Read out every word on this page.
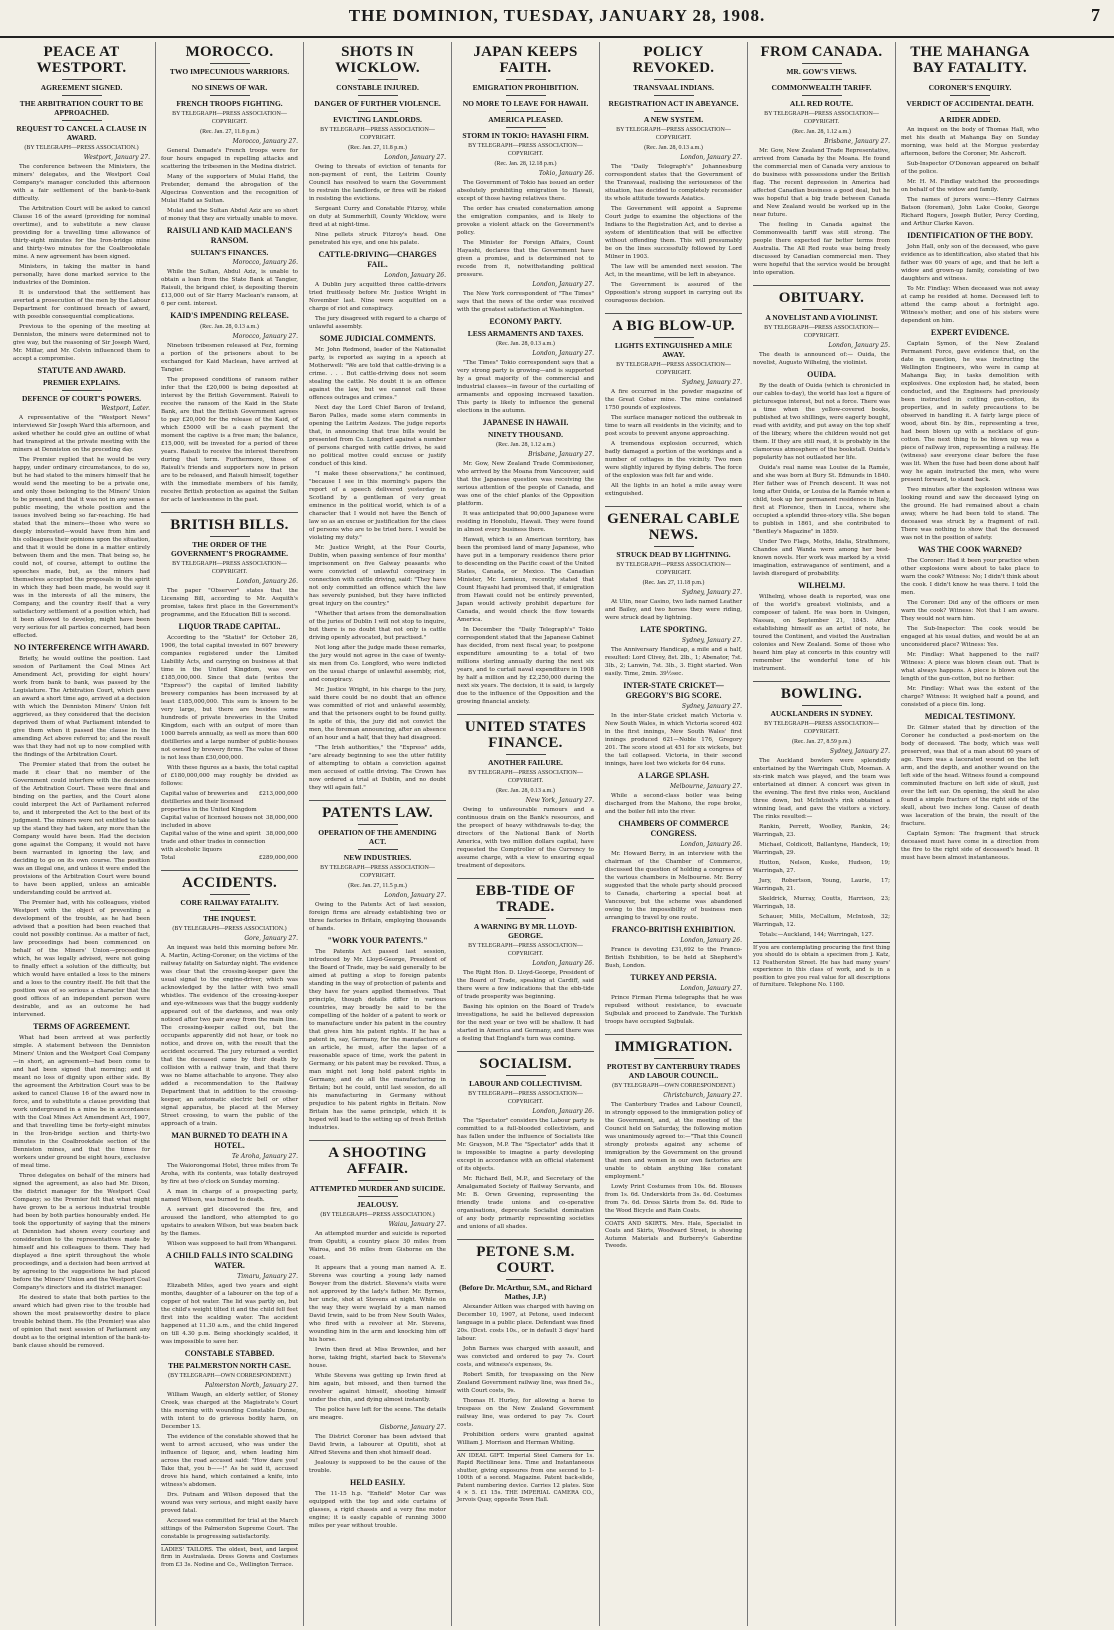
THE DOMINION, TUESDAY, JANUARY 28, 1908.	7
PEACE AT WESTPORT.
AGREEMENT SIGNED.
THE ARBITRATION COURT TO BE APPROACHED.
REQUEST TO CANCEL A CLAUSE IN AWARD.
(BY TELEGRAPH—PRESS ASSOCIATION.)
Westport, January 27.

The conference between the Ministers, the miners' delegates, and the Westport Coal Company's manager concluded this afternoon with a fair settlement of the bank-to-bank difficulty.

The Arbitration Court will be asked to cancel Clause 16 of the award (providing for nominal overtime), and to substitute a new clause providing for a travelling time allowance of thirty-eight minutes for the Iron-bridge mine and thirty-two minutes for the Coalbrookdale mine. A new agreement has been signed.

Ministers, in taking the matter in hand personally, have done marked service to the industries of the Dominion.

It is understood that the settlement has averted a prosecution of the men by the Labour Department for continued breach of award, with possible consequential complications.

Previous to the opening of the meeting at Denniston, the miners were determined not to give way, but the reasoning of Sir Joseph Ward, Mr. Millar, and Mr. Colvin influenced them to accept a compromise.

STATUTE AND AWARD.
PREMIER EXPLAINS.
DEFENCE OF COURT'S POWERS.
Westport, Later.

A representative of the "Westport News" interviewed Sir Joseph Ward this afternoon, and asked whether he could give an outline of what had transpired at the private meeting with the miners at Denniston on the preceding day.

The Premier replied that he would be very happy, under ordinary circumstances, to do so, but he had stated to the miners himself that he would send the meeting to be a private one, and only those belonging to the Miners' Union to be present, and that it was not in any sense a public meeting, the whole position and the issues involved being so far-reaching. He had stated that the miners—those who were so deeply interested—would have from him and his colleagues their opinions upon the situation, and that it would be done in a matter entirely between them and the men. That being so, he could not, of course, attempt to outline the speeches made, but, as the miners had themselves accepted the proposals in the spirit in which they had been made, he would say it was in the interests of all the miners, the Company, and the country itself that a very satisfactory settlement of a position which, had it been allowed to develop, might have been very serious for all parties concerned, had been effected.

NO INTERFERENCE WITH AWARD.

Briefly, he would outline the position. Last session of Parliament the Coal Mines Act Amendment Act, providing for eight hours' work from bank to bank, was passed by the Legislature. The Arbitration Court, which gave an award a short time ago, arrived at a decision with which the Denniston Miners' Union felt aggrieved, as they considered that the decision deprived them of what Parliament intended to give them when it passed the clause in the amending Act above referred to; and the result was that they had not up to now complied with the findings of the Arbitration Court.

The Premier stated that from the outset he made it clear that no member of the Government could interfere with the decisions of the Arbitration Court. These were final and binding on the parties, and the Court alone could interpret the Act of Parliament referred to, and it interpreted the Act to the best of its judgment. The miners were not entitled to take up the stand they had taken, any more than the Company would have been. Had the decision gone against the Company, it would not have been warranted in ignoring the law, and deciding to go on its own course. The position was an illegal one, and unless it were ended the provisions of the Arbitration Court were bound to have been applied, unless an amicable understanding could be arrived at.

The Premier had, with his colleagues, visited Westport with the object of preventing a development of the trouble, as he had been advised that a position had been reached that could not possibly continue. As a matter of fact, law proceedings had been commenced on behalf of the Miners' Union—proceedings which, he was legally advised, were not going to finally effect a solution of the difficulty, but which would have entailed a loss to the miners and a loss to the country itself. He felt that the position was of so serious a character that the good offices of an independent person were desirable, and as an outcome he had intervened.

TERMS OF AGREEMENT.

What had been arrived at was perfectly simple. A statement between the Denniston Miners' Union and the Westport Coal Company—in short, an agreement—had been come to and had been signed that morning; and it meant no loss of dignity upon either side. By the agreement the Arbitration Court was to be asked to cancel Clause 16 of the award now in force, and to substitute a clause providing that work underground in a mine be in accordance with the Coal Mines Act Amendment Act, 1907, and that travelling time be forty-eight minutes in the Iron-bridge section and thirty-two minutes in the Coalbrookdale section of the Denniston mines, and that the times for workers under ground be eight hours, exclusive of meal time.

Three delegates on behalf of the miners had signed the agreement, as also had Mr. Dixon, the district manager for the Westport Coal Company; so the Premier felt that what might have grown to be a serious industrial trouble had been by both parties honourably ended. He took the opportunity of saying that the miners at Denniston had shown every courtesy and consideration to the representatives made by himself and his colleagues to them. They had displayed a fine spirit throughout the whole proceedings, and a decision had been arrived at by agreeing to the suggestions he had placed before the Miners' Union and the Westport Coal Company's directors and its district manager.

He desired to state that both parties to the award which had given rise to the trouble had shown the most praiseworthy desire to place trouble behind them. He (the Premier) was also of opinion that next session of Parliament any doubt as to the original intention of the bank-to-bank clause should be removed.

MOROCCO.
TWO IMPECUNIOUS WARRIORS.
NO SINEWS OF WAR.
FRENCH TROOPS FIGHTING.
BY TELEGRAPH—PRESS ASSOCIATION—COPYRIGHT.
(Rec. Jan. 27, 11.8 p.m.)
Morocco, January 27.

General Damade's French troops were for four hours engaged in repelling attacks and scattering the tribesmen in the Medina district.

Many of the supporters of Mulai Hafid, the Pretender, demand the abrogation of the Algeciras Convention and the recognition of Mulai Hafid as Sultan.

Mulai and the Sultan Abdul Aziz are so short of money that they are virtually unable to move.

RAISULI AND KAID MACLEAN'S RANSOM.
SULTAN'S FINANCES.
Morocco, January 26.

While the Sultan, Abdul Aziz, is unable to obtain a loan from the State Bank at Tangier, Raisuli, the brigand chief, is depositing therein £13,000 out of Sir Harry Maclean's ransom, at 6 per cent. interest.

KAID'S IMPENDING RELEASE.
(Rec. Jan. 28, 0.13 a.m.)
Morocco, January 27.

Nineteen tribesmen released at Fez, forming a portion of the prisoners about to be exchanged for Kaid Maclean, have arrived at Tangier.

The proposed conditions of ransom rather infer that the £20,000 is being deposited at interest by the British Government. Raisuli to receive the ransom of the Kaid in the State Bank, are that the British Government agrees to pay £20,000 for the release of the Kaid, of which £5000 will be a cash payment the moment the captive is a free man; the balance, £15,000, will be invested for a period of three years. Raisuli to receive the interest therefrom during that term. Furthermore, those of Raisuli's friends and supporters now in prison are to be released, and Raisuli himself, together with the immediate members of his family, receive British protection as against the Sultan for acts of lawlessness in the past.

BRITISH BILLS.
THE ORDER OF THE GOVERNMENT'S PROGRAMME.
BY TELEGRAPH—PRESS ASSOCIATION—COPYRIGHT.
London, January 26.

The paper "Observer" states that the Licensing Bill, according to Mr. Asquith's promise, takes first place in the Government's programme, and the Education Bill is second.

LIQUOR TRADE CAPITAL.

According to the "Statist" for October 26, 1906, the total capital invested in 607 brewery companies registered under the Limited Liability Acts, and carrying on business at that time in the United Kingdom, was over £185,000,000. Since that date (writes the "Express") the capital of limited liability brewery companies has been increased by at least £185,000,000. This sum is known to be very large, but there are besides some hundreds of private breweries in the United Kingdom, each with an output of more than 1000 barrels annually, as well as more than 600 distilleries and a large number of public-houses not owned by brewery firms. The value of these is not less than £30,000,000.

With these figures as a basis, the total capital of £180,000,000 may roughly be divided as follows:

Capital value of breweries and distilleries and their licensed properties in the United Kingdom
£213,000,000
Capital value of licensed houses not included in above
38,000,000
Capital value of the wine and spirit trade and other trades in connection with alcoholic liquors
38,000,000
Total	£289,000,000
ACCIDENTS.
CORE RAILWAY FATALITY.
THE INQUEST.
(BY TELEGRAPH—PRESS ASSOCIATION.)
Gore, January 27.

An inquest was held this morning before Mr. A. Martin, Acting-Coroner, on the victims of the railway fatality on Saturday night. The evidence was clear that the crossing-keeper gave the usual signal to the engine-driver, which was acknowledged by the latter with two small whistles. The evidence of the crossing-keeper and eye-witnesses was that the buggy suddenly appeared out of the darkness, and was only noticed after two pair away from the main line. The crossing-keeper called out, but the occupants apparently did not hear, or took no notice, and drove on, with the result that the accident occurred. The jury returned a verdict that the deceased came by their death by collision with a railway train, and that there was no blame attachable to anyone. They also added a recommendation to the Railway Department that in addition to the crossing-keeper, an automatic electric bell or other signal apparatus, be placed at the Mersey Street crossing, to warn the public of the approach of a train.

MAN BURNED TO DEATH IN A HOTEL.
Te Aroha, January 27.

The Waiorongomai Hotel, three miles from Te Aroha, with its contents, was totally destroyed by fire at two o'clock on Sunday morning.

A man in charge of a prospecting party, named Wilson, was burned to death.

A servant girl discovered the fire, and aroused the landlord, who attempted to go upstairs to awaken Wilson, but was beaten back by the flames.

Wilson was supposed to hail from Whangarei.

A CHILD FALLS INTO SCALDING WATER.
Timaru, January 27.

Elizabeth Miles, aged two years and eight months, daughter of a labourer on the top of a copper of hot water. The lid was partly on, but the child's weight tilted it and the child fell feet first into the scalding water. The accident happened at 11.30 a.m., and the child lingered on till 4.30 p.m. Being shockingly scalded, it was impossible to save her.

CONSTABLE STABBED.
THE PALMERSTON NORTH CASE.
(BY TELEGRAPH—OWN CORRESPONDENT.)
Palmerston North, January 27.

William Waugh, an elderly settler, of Stoney Creek, was charged at the Magistrate's Court this morning with wounding Constable Dunne, with intent to do grievous bodily harm, on December 13.

The evidence of the constable showed that he went to arrest accused, who was under the influence of liquor, and, when leading him across the road accused said: "How dare you! Take that, you b——!" As he said it, accused drove his hand, which contained a knife, into witness's abdomen.

Drs. Putnam and Wilson deposed that the wound was very serious, and might easily have proved fatal.

Accused was committed for trial at the March sittings of the Palmerston Supreme Court. The constable is progressing satisfactorily.

LADIES' TAILORS. The oldest, best, and largest firm in Australasia. Dress Gowns and Costumes from £3 3s. Nodine and Co., Wellington Terrace.
SHOTS IN WICKLOW.
CONSTABLE INJURED.
DANGER OF FURTHER VIOLENCE.
EVICTING LANDLORDS.
BY TELEGRAPH—PRESS ASSOCIATION—COPYRIGHT.
(Rec. Jan. 27, 11.8 p.m.)
London, January 27.

Owing to threats of eviction of tenants for non-payment of rent, the Leitrim County Council has resolved to warn the Government to restrain the landlords, or fires will be risked in resisting the evictions.

Sergeant Curry and Constable Fitzroy, while on duty at Summerhill, County Wicklow, were fired at at night-time.

Nine pellets struck Fitzroy's head. One penetrated his eye, and one his palate.

CATTLE-DRIVING—CHARGES FAIL.
London, January 26.

A Dublin jury acquitted three cattle-drivers tried fruitlessly before Mr. Justice Wright in November last. Nine were acquitted on a charge of riot and conspiracy.

The jury disagreed with regard to a charge of unlawful assembly.

SOME JUDICIAL COMMENTS.

Mr. John Redmond, leader of the Nationalist party, is reported as saying in a speech at Motherwell: "We are told that cattle-driving is a crime. . . . But cattle-driving does not seem stealing the cattle. No doubt it is an offence against the law, but we cannot call these offences outrages and crimes."

Next day the Lord Chief Baron of Ireland, Baron Palles, made some stern comments in opening the Leitrim Assizes. The judge reports that, in announcing that true bills would be presented from Co. Longford against a number of persons charged with cattle drives, he said no political motive could excuse or justify conduct of this kind.

"I make these observations," he continued, "because I see in this morning's papers the report of a speech delivered yesterday in Scotland by a gentleman of very great eminence in the political world, which is of a character that I would not have the Bench of law so as an excuse or justification for the class of persons who are to be tried here. I would be violating my duty."

Mr. Justice Wright, at the Four Courts, Dublin, when passing sentence of four months' imprisonment on five Galway peasants who were convicted of unlawful conspiracy in connection with cattle driving, said: "They have not only committed an offence which the law has severely punished, but they have inflicted great injury on the country."

"Whether that arises from the demoralisation of the juries of Dublin I will not stop to inquire, but there is no doubt that not only is cattle driving openly advocated, but practised."

Not long after the judge made these remarks, the jury would not agree in the case of twenty-six men from Co. Longford, who were indicted on the usual charge of unlawful assembly, riot, and conspiracy.

Mr. Justice Wright, in his charge to the jury, said there could be no doubt that an offence was committed of riot and unlawful assembly, and that the prisoners ought to be found guilty. In spite of this, the jury did not convict the men, the foreman announcing, after an absence of an hour and a half, that they had disagreed.

"The Irish authorities," the "Express" adds, "are already beginning to see the utter futility of attempting to obtain a conviction against men accused of cattle driving. The Crown has now ordered a trial at Dublin, and no doubt they will again fail."

PATENTS LAW.
OPERATION OF THE AMENDING ACT.
NEW INDUSTRIES.
BY TELEGRAPH—PRESS ASSOCIATION—COPYRIGHT.
(Rec. Jan. 27, 11.5 p.m.)
London, January 27.

Owing to the Patents Act of last session, foreign firms are already establishing two or three factories in Britain, employing thousands of hands.

"WORK YOUR PATENTS."

The Patents Act passed last session, introduced by Mr. Lloyd-George, President of the Board of Trade, may be said generally to be aimed at putting a stop to foreign patents standing in the way of protection of patents and they have for years applied themselves. That principle, though details differ in various countries, may broadly be said to be the compelling of the holder of a patent to work or to manufacture under his patent in the country that gives him his patent rights. If he has a patent in, say, Germany, for the manufacture of an article, he must, after the lapse of a reasonable space of time, work the patent in Germany, or his patent may be revoked. Thus, a man might not long hold patent rights in Germany, and do all the manufacturing in Britain; but he could, until last session, do all his manufacturing in Germany without prejudice to his patent rights in Britain. Now Britain has the same principle, which it is hoped will lead to the setting up of fresh British industries.

A SHOOTING AFFAIR.
ATTEMPTED MURDER AND SUICIDE.
JEALOUSY.
(BY TELEGRAPH—PRESS ASSOCIATION.)
Waiau, January 27.

An attempted murder and suicide is reported from Oputiti, a country place 30 miles from Wairoa, and 56 miles from Gisborne on the coast.

It appears that a young man named A. E. Stevens was courting a young lady named Bowyer from the district. Stevens's visits were not approved by the lady's father. Mr. Byrnes, her uncle, shot at Stevens at night. While on the way they were waylaid by a man named David Irwin, said to be from New South Wales, who fired with a revolver at Mr. Stevens, wounding him in the arm and knocking him off his horse.

Irwin then fired at Miss Brownlee, and her horse, taking fright, started back to Stevens's house.

While Stevens was getting up Irwin fired at him again, but missed, and then turned the revolver against himself, shooting himself under the chin, and dying almost instantly.

The police have left for the scene. The details are meagre.

Gisborne, January 27.

The District Coroner has been advised that David Irwin, a labourer at Oputiti, shot at Alfred Stevens and then shot himself dead.

Jealousy is supposed to be the cause of the trouble.

HELD EASILY.

The 11-15 h.p. "Enfield" Motor Car was equipped with the top and side curtains of glasses, a rigid chassis and a very fine motor engine; it is easily capable of running 3000 miles per year without trouble.

JAPAN KEEPS FAITH.
EMIGRATION PROHIBITION.
NO MORE TO LEAVE FOR HAWAII.
AMERICA PLEASED.
STORM IN TOKIO: HAYASHI FIRM.
BY TELEGRAPH—PRESS ASSOCIATION—COPYRIGHT.
(Rec. Jan. 28, 12.18 p.m.)
Tokio, January 26.

The Government of Tokio has issued an order absolutely prohibiting emigration to Hawaii, except of those having relatives there.

The order has created consternation among the emigration companies, and is likely to provoke a violent attack on the Government's policy.

The Minister for Foreign Affairs, Count Hayashi, declares that the Government have given a promise, and is determined not to recede from it, notwithstanding political pressure.

London, January 27.

The New York correspondent of "The Times" says that the news of the order was received with the greatest satisfaction at Washington.

ECONOMY PARTY.
LESS ARMAMENTS AND TAXES.
(Rec. Jan. 28, 0.13 a.m.)
London, January 27.

"The Times" Tokio correspondent says that a very strong party is growing—and is supported by a great majority of the commercial and industrial classes—in favour of the curtailing of armaments and opposing increased taxation. This party is likely to influence the general elections in the autumn.

JAPANESE IN HAWAII.
NINETY THOUSAND.
(Rec. Jan. 28, 1.12 a.m.)
Brisbane, January 27.

Mr. Gow, New Zealand Trade Commissioner, who arrived by the Moana from Vancouver, said that the Japanese question was receiving the serious attention of the people of Canada, and was one of the chief planks of the Opposition platform.

It was anticipated that 90,000 Japanese were residing in Honolulu, Hawaii. They were found in almost every business there.

Hawaii, which is an American territory, has been the promised land of many Japanese, who have put in a temporary residence there prior to descending on the Pacific coast of the United States, Canada, or Mexico. The Canadian Minister, Mr. Lemieux, recently stated that Count Hayashi had promised that, if emigration from Hawaii could not be entirely prevented, Japan would actively prohibit departure for Canada, and would check the flow towards America.

In December the "Daily Telegraph's" Tokio correspondent stated that the Japanese Cabinet has decided, from next fiscal year, to postpone expenditure amounting to a total of two millions sterling annually during the next six years, and to curtail naval expenditure in 1908 by half a million and by £2,250,000 during the next six years. The decision, it is said, is largely due to the influence of the Opposition and the growing financial anxiety.

UNITED STATES FINANCE.
ANOTHER FAILURE.
BY TELEGRAPH—PRESS ASSOCIATION—COPYRIGHT.
(Rec. Jan. 28, 0.13 a.m.)
New York, January 27.

Owing to unfavourable rumours and a continuous drain on the Bank's resources, and the prospect of heavy withdrawals to-day, the directors of the National Bank of North America, with two million dollars capital, have requested the Comptroller of the Currency to assume charge, with a view to ensuring equal treatment of depositors.

EBB-TIDE OF TRADE.
A WARNING BY MR. LLOYD-GEORGE.
BY TELEGRAPH—PRESS ASSOCIATION—COPYRIGHT.
London, January 26.

The Right Hon. D. Lloyd-George, President of the Board of Trade, speaking at Cardiff, said there were a few indications that the ebb-tide of trade prosperity was beginning.

Basing his opinion on the Board of Trade's investigations, he said he believed depression for the next year or two will be shallow. It had started in America and Germany, and there was a feeling that England's turn was coming.

SOCIALISM.
LABOUR AND COLLECTIVISM.
BY TELEGRAPH—PRESS ASSOCIATION—COPYRIGHT.
London, January 26.

The "Spectator" considers the Labour party is committed to a full-blooded collectivism, and has fallen under the influence of Socialists like Mr. Grayson, M.P. The "Spectator" adds that it is impossible to imagine a party developing except in accordance with an official statement of its objects.

Mr. Richard Bell, M.P., and Secretary of the Amalgamated Society of Railway Servants, and Mr. B. Orwn Greening, representing the friendly trade unions and co-operative organisations, deprecate Socialist domination of any body primarily representing societies and unions of all shades.

PETONE S.M. COURT.
(Before Dr. McArthur, S.M., and Richard Mathes, J.P.)

Alexander Aitken was charged with having on December 10, 1907, at Petone, used indecent language in a public place. Defendant was fined 20s. (Dcst. costs 10s., or in default 3 days' hard labour.

John Barnes was charged with assault, and was convicted and ordered to pay 7s. Court costs, and witness's expenses, 9s.

Robert Smith, for trespassing on the New Zealand Government railway line, was fined 5s., with Court costs, 9s.

Thomas H. Hurley, for allowing a horse to trespass on the New Zealand Government railway line, was ordered to pay 7s. Court costs.

Prohibition orders were granted against William J. Morrison and Herman Whiting.

AN IDEAL GIFT. Imperial Steel Camera for 1s. Rapid Rectilinear lens. Time and Instantaneous shutter, giving exposures from one second to 1-100th of a second. Magazine. Patent back-slide, Patent numbering device. Carries 12 plates. Size 4 × 5. £1 15s. THE IMPERIAL CAMERA CO., Jervois Quay, opposite Town Hall.
POLICY REVOKED.
TRANSVAAL INDIANS.
REGISTRATION ACT IN ABEYANCE.
A NEW SYSTEM.
BY TELEGRAPH—PRESS ASSOCIATION—COPYRIGHT.
(Rec. Jan. 28, 0.13 a.m.)
London, January 27.

The "Daily Telegraph's" Johannesburg correspondent states that the Government of the Transvaal, realising the seriousness of the situation, has decided to completely reconsider its whole attitude towards Asiatics.

The Government will appoint a Supreme Court judge to examine the objections of the Indians to the Registration Act, and to devise a system of identification that will be effective without offending them. This will presumably be on the lines successfully followed by Lord Milner in 1903.

The law will be amended next session. The Act, in the meantime, will be left in abeyance.

The Government is assured of the Opposition's strong support in carrying out its courageous decision.

A BIG BLOW-UP.
LIGHTS EXTINGUISHED A MILE AWAY.
BY TELEGRAPH—PRESS ASSOCIATION—COPYRIGHT.
Sydney, January 27.

A fire occurred in the powder magazine of the Great Cobar mine. The mine contained 1750 pounds of explosives.

The surface manager noticed the outbreak in time to warn all residents in the vicinity, and to post scouts to prevent anyone approaching.

A tremendous explosion occurred, which badly damaged a portion of the workings and a number of cottages in the vicinity. Two men were slightly injured by flying debris. The force of the explosion was felt far and wide.

All the lights in an hotel a mile away were extinguished.

GENERAL CABLE NEWS.
STRUCK DEAD BY LIGHTNING.
BY TELEGRAPH—PRESS ASSOCIATION—COPYRIGHT.
(Rec. Jan. 27, 11.18 p.m.)
Sydney, January 27.

At Ulin, near Casino, two lads named Leather and Bailey, and two horses they were riding, were struck dead by lightning.

LATE SPORTING.
Sydney, January 27.

The Anniversary Handicap, a mile and a half, resulted: Lord Clivey, 8st. 2lb., 1; Abenator, 7st. 3lb., 2; Lanwin, 7st. 3lb., 3. Eight started. Won easily. Time, 2min. 39½sec.

INTER-STATE CRICKET—GREGORY'S BIG SCORE.
Sydney, January 27.

In the inter-State cricket match Victoria v. New South Wales, in which Victoria scored 402 in the first innings, New South Wales' first innings produced 621—Noble 176, Gregory 201. The score stood at 451 for six wickets, but the tail collapsed. Victoria, in their second innings, have lost two wickets for 64 runs.

A LARGE SPLASH.
Melbourne, January 27.

While a second-class boiler was being discharged from the Mahono, the rope broke, and the boiler fell into the river.

CHAMBERS OF COMMERCE CONGRESS.
London, January 26.

Mr. Howard Berry, in an interview with the chairman of the Chamber of Commerce, discussed the question of holding a congress of the various chambers in Melbourne. Mr. Berry suggested that the whole party should proceed to Canada, chartering a special boat at Vancouver, but the scheme was abandoned owing to the impossibility of business men arranging to travel by one route.

FRANCO-BRITISH EXHIBITION.
London, January 26.

France is devoting £31,692 to the Franco-British Exhibition, to be held at Shepherd's Bush, London.

TURKEY AND PERSIA.
London, January 27.

Prince Firman Firma telegraphs that he was repulsed without resistance, to evacuate Sujbulak and proceed to Zandvale. The Turkish troops have occupied Sujbulak.

IMMIGRATION.
PROTEST BY CANTERBURY TRADES AND LABOUR COUNCIL.
(BY TELEGRAPH—OWN CORRESPONDENT.)
Christchurch, January 27.

The Canterbury Trades and Labour Council, in strongly opposed to the immigration policy of the Government, and, at the meeting of the Council held on Saturday, the following motion was unanimously agreed to:—"That this Council strongly protests against any scheme of immigration by the Government on the ground that men and women in our own factories are unable to obtain anything like constant employment."

Lowly Print Costumes from 10s. 6d. Blouses from 1s. 6d. Underskirts from 3s. 6d. Costumes from 7s. 6d. Dress Skirts from 5s. 6d. Ride to the Wood Bicycle and Rain Coats.

COATS AND SKIRTS. Mrs. Hale, Specialist in Coats and Skirts, Woodward Street, is showing Autumn Materials and Burberry's Gaberdine Tweeds.
FROM CANADA.
MR. GOW'S VIEWS.
COMMONWEALTH TARIFF.
ALL RED ROUTE.
BY TELEGRAPH—PRESS ASSOCIATION—COPYRIGHT.
(Rec. Jan. 28, 1.12 a.m.)
Brisbane, January 27.

Mr. Gow, New Zealand Trade Representative, arrived from Canada by the Moana. He found the commercial men of Canada very anxious to do business with possessions under the British flag. The recent depression in America had affected Canadian business a good deal, but he was hopeful that a big trade between Canada and New Zealand would be worked up in the near future.

The feeling in Canada against the Commonwealth tariff was still strong. The people there expected far better terms from Australia. The All Red route was being freely discussed by Canadian commercial men. They were hopeful that the service would be brought into operation.

OBITUARY.
A NOVELIST AND A VIOLINIST.
BY TELEGRAPH—PRESS ASSOCIATION—COPYRIGHT.
London, January 25.

The death is announced of:— Ouida, the novelist, Augusto Wilhelmj, the violinist.

OUIDA.

By the death of Ouida (which is chronicled in our cables to-day), the world has lost a figure of picturesque interest, but not a force. There was a time when the yellow-covered books, published at two shillings, were eagerly bought, read with avidity, and put away on the top shelf of the library, where the children would not get them. If they are still read, it is probably in the clamorous atmosphere of the bookstall. Ouida's popularity has not outlasted her life.

Ouida's real name was Louise de la Ramée, and she was born at Bury St. Edmunds in 1840. Her father was of French descent. It was not long after Ouida, or Louisa de la Ramée when a child, took up her permanent residence in Italy, first at Florence, then in Lucca, where she occupied a splendid three-story villa. She began to publish in 1861, and she contributed to "Bentley's Magazine" in 1859.

Under Two Flags, Moths, Idalia, Strathmore, Chandos and Wanda were among her best-known novels. Her work was marked by a vivid imagination, extravagance of sentiment, and a lavish disregard of probability.

WILHELMJ.

Wilhelmj, whose death is reported, was one of the world's greatest violinists, and a composer of talent. He was born in Usingen, Nassau, on September 21, 1845. After establishing himself as an artist of note, he toured the Continent, and visited the Australian colonies and New Zealand. Some of those who heard him play at concerts in this country will remember the wonderful tone of his instrument.

BOWLING.
AUCKLANDERS IN SYDNEY.
BY TELEGRAPH—PRESS ASSOCIATION—COPYRIGHT.
(Rec. Jan. 27, 8.59 p.m.)
Sydney, January 27.

The Auckland bowlers were splendidly entertained by the Warringah Club, Mosman. A six-rink match was played, and the team was entertained at dinner. A concert was given in the evening. The first five rinks won, Auckland three down, but McIntosh's rink obtained a winning lead, and gave the visitors a victory. The rinks resulted:—

Rankin, Perrett, Woolley, Rankin, 24; Warringah, 23.

Michael, Coldicott, Ballantyne, Handeck, 19; Warringah, 29.

Hutton, Nelson, Kuske, Hudson, 19; Warringah, 27.

Jury, Robertson, Young, Laurie, 17; Warringah, 21.

Skeldrick, Murray, Coutts, Harrison, 23; Warringah, 18.

Schauer, Mills, McCallum, McIntosh, 32; Warringah, 12.

Totals:—Auckland, 144; Warringah, 127.

If you are contemplating procuring the first thing you should do is obtain a specimen from J. Katz, 12 Featherston Street. He has had many years' experience in this class of work, and is in a position to give you real value for all descriptions of furniture. Telephone No. 1160.
THE MAHANGA BAY FATALITY.
CORONER'S ENQUIRY.
VERDICT OF ACCIDENTAL DEATH.
A RIDER ADDED.

An inquest on the body of Thomas Hall, who met his death at Mahanga Bay on Sunday morning, was held at the Morgue yesterday afternoon, before the Coroner, Mr. Ashcroft.

Sub-Inspector O'Donovan appeared on behalf of the police.

Mr. H. M. Findlay watched the proceedings on behalf of the widow and family.

The names of jurors were:—Henry Cairnes Batson (foreman), John Lake Cooke, George Richard Rogers, Joseph Butler, Percy Cording, and Arthur Clarke Kavon.

IDENTIFICATION OF THE BODY.

John Hall, only son of the deceased, who gave evidence as to identification, also stated that his father was 60 years of age, and that he left a widow and grown-up family, consisting of two daughters and witness.

To Mr. Findlay: When deceased was not away at camp he resided at home. Deceased left to attend the camp about a fortnight ago. Witness's mother, and one of his sisters were dependent on him.

EXPERT EVIDENCE.

Captain Symon, of the New Zealand Permanent Force, gave evidence that, on the date in question, he was instructing the Wellington Engineers, who were in camp at Mahanga Bay, in tasks demolition with explosives. One explosion had, he stated, been conducted, and the Engineers had previously been instructed in cutting gun-cotton, its properties, and in safety precautions to be observed in handling it. A fairly large piece of wood, about 6in. by 8in., representing a tree, had been blown up with a necklace of gun-cotton. The next thing to be blown up was a piece of railway iron, representing a railway. He (witness) saw everyone clear before the fuse was lit. When the fuse had been done about half way he again instructed the men, who were present forward, to stand back.

Two minutes after the explosion witness was looking round and saw the deceased lying on the ground. He had remained about a chain away, where he had been told to stand. The deceased was struck by a fragment of rail. There was nothing to show that the deceased was not in the position of safety.

WAS THE COOK WARNED?

The Coroner: Had it been your practice when other explosions were about to take place to warn the cook? Witness: No; I didn't think about the cook. I didn't know he was there. I told the men.

The Coroner: Did any of the officers or men warn the cook? Witness: Not that I am aware. They would not warn him.

The Sub-Inspector: The cook would be engaged at his usual duties, and would be at an unconsidered place? Witness: Yes.

Mr. Findlay: What happened to the rail? Witness: A piece was blown clean out. That is what always happens. A piece is blown out the length of the gun-cotton, but no further.

Mr. Findlay: What was the extent of the charge? Witness: It weighed half a pound, and consisted of a piece 6in. long.

MEDICAL TESTIMONY.

Dr. Gilmer stated that by direction of the Coroner he conducted a post-mortem on the body of deceased. The body, which was well preserved, was that of a man about 60 years of age. There was a lacerated wound on the left arm, and the depth, and another wound on the left side of the head. Witness found a compound comminuted fracture on left side of skull, just over the left ear. On opening, the skull he also found a simple fracture of the right side of the skull, about two inches long. Cause of death was laceration of the brain, the result of the fracture.

Captain Symon: The fragment that struck deceased must have come in a direction from the fire to the right side of deceased's head. It must have been almost instantaneous.
